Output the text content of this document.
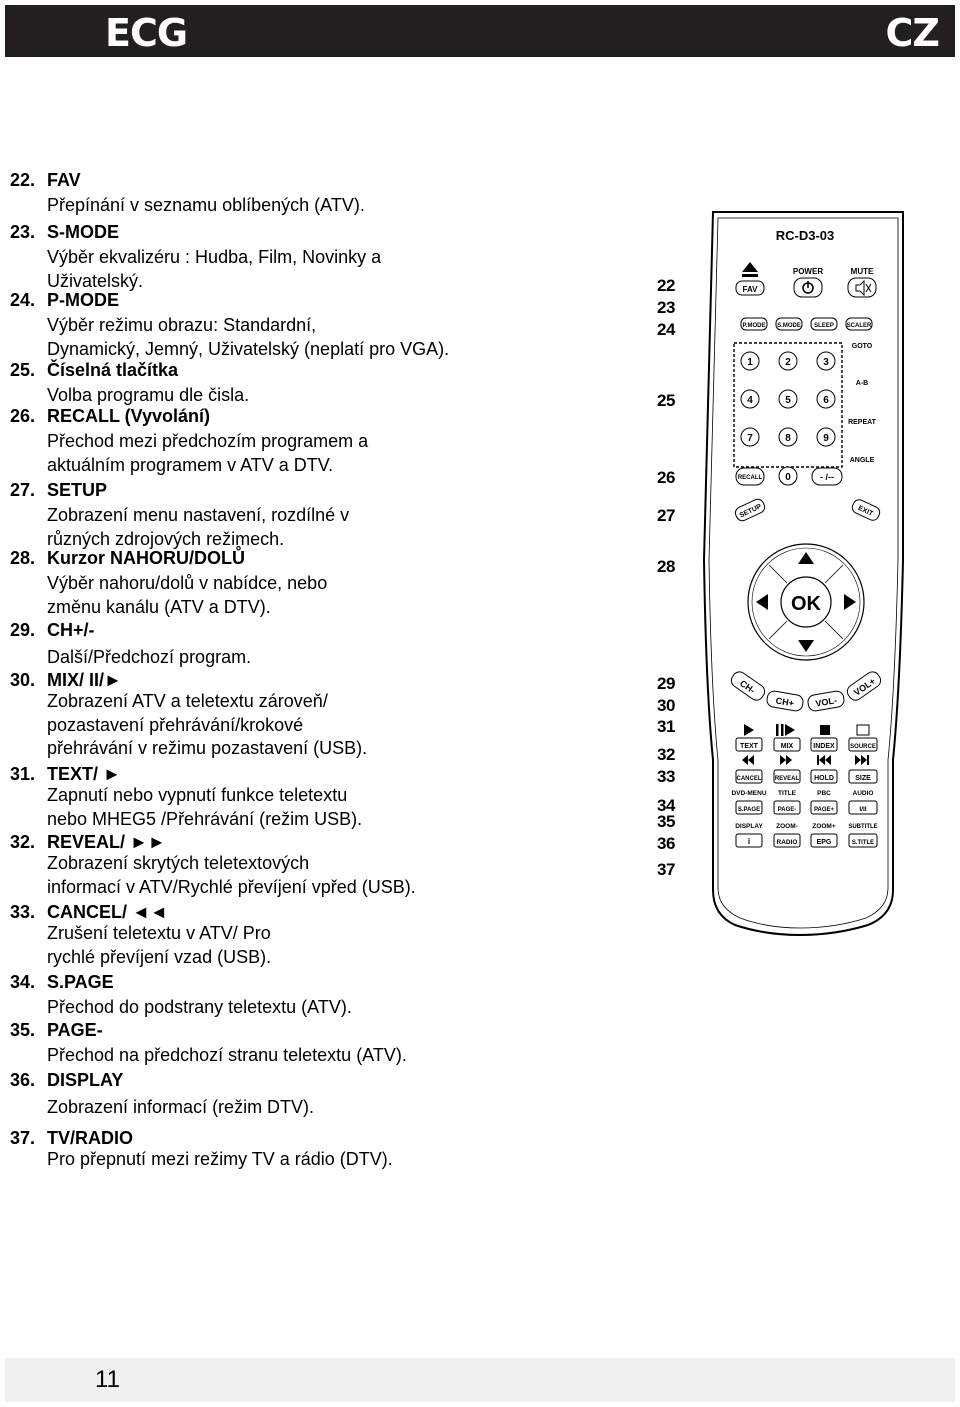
ECG	CZ
22. FAV
Přepínání v seznamu oblíbených (ATV).
23. S-MODE
Výběr ekvalizéru : Hudba, Film, Novinky a
Uživatelský.
24. P-MODE
Výběr režimu obrazu: Standardní,
Dynamický, Jemný, Uživatelský (neplatí pro VGA).
25. Číselná tlačítka
Volba programu dle čisla.
26. RECALL (Vyvolání)
Přechod mezi předchozím programem a
aktuálním programem v ATV a DTV.
27. SETUP
Zobrazení menu nastavení, rozdílné v
různých zdrojových režimech.
28. Kurzor NAHORU/DOLŮ
Výběr nahoru/dolů v nabídce, nebo
změnu kanálu (ATV a DTV).
29. CH+/-
Další/Předchozí program.
30. MIX/ II/►
Zobrazení ATV a teletextu zároveň/
pozastavení přehrávání/krokové
přehrávání v režimu pozastavení (USB).
31. TEXT/ ►
Zapnutí nebo vypnutí funkce teletextu
nebo MHEG5 /Přehrávání (režim USB).
32. REVEAL/ ►►
Zobrazení skrytých teletextových
informací v ATV/Rychlé převíjení vpřed (USB).
33. CANCEL/ ◄◄
Zrušení teletextu v ATV/ Pro
rychlé převíjení vzad (USB).
34. S.PAGE
Přechod do podstrany teletextu (ATV).
35. PAGE-
Přechod na předchozí stranu teletextu (ATV).
36. DISPLAY
Zobrazení informací (režim DTV).
37. TV/RADIO
Pro přepnutí mezi režimy TV a rádio (DTV).
22
23
24
25
26
27
28
29
30
31
32
33
34
35
36
37
RC-D3-03
FAV
POWER	MUTE
P.MODE S.MODE SLEEP SCALER
GOTO
A-B
REPEAT
ANGLE
1	2	3
4	5	6
7	8	9
RECALL 0	- /--
SETUP	EXIT
OK
CH-
CH+ VOL-
VOL+
TEXT	MIX	INDEX	SOURCE
CANCEL REVEAL HOLD	SIZE
DVD-MENU TITLE	PBC	AUDIO
S.PAGE	PAGE-	PAGE+	I/II
DISPLAY ZOOM- ZOOM+ SUBTITLE
i	RADIO	EPG	S.TITLE
11
